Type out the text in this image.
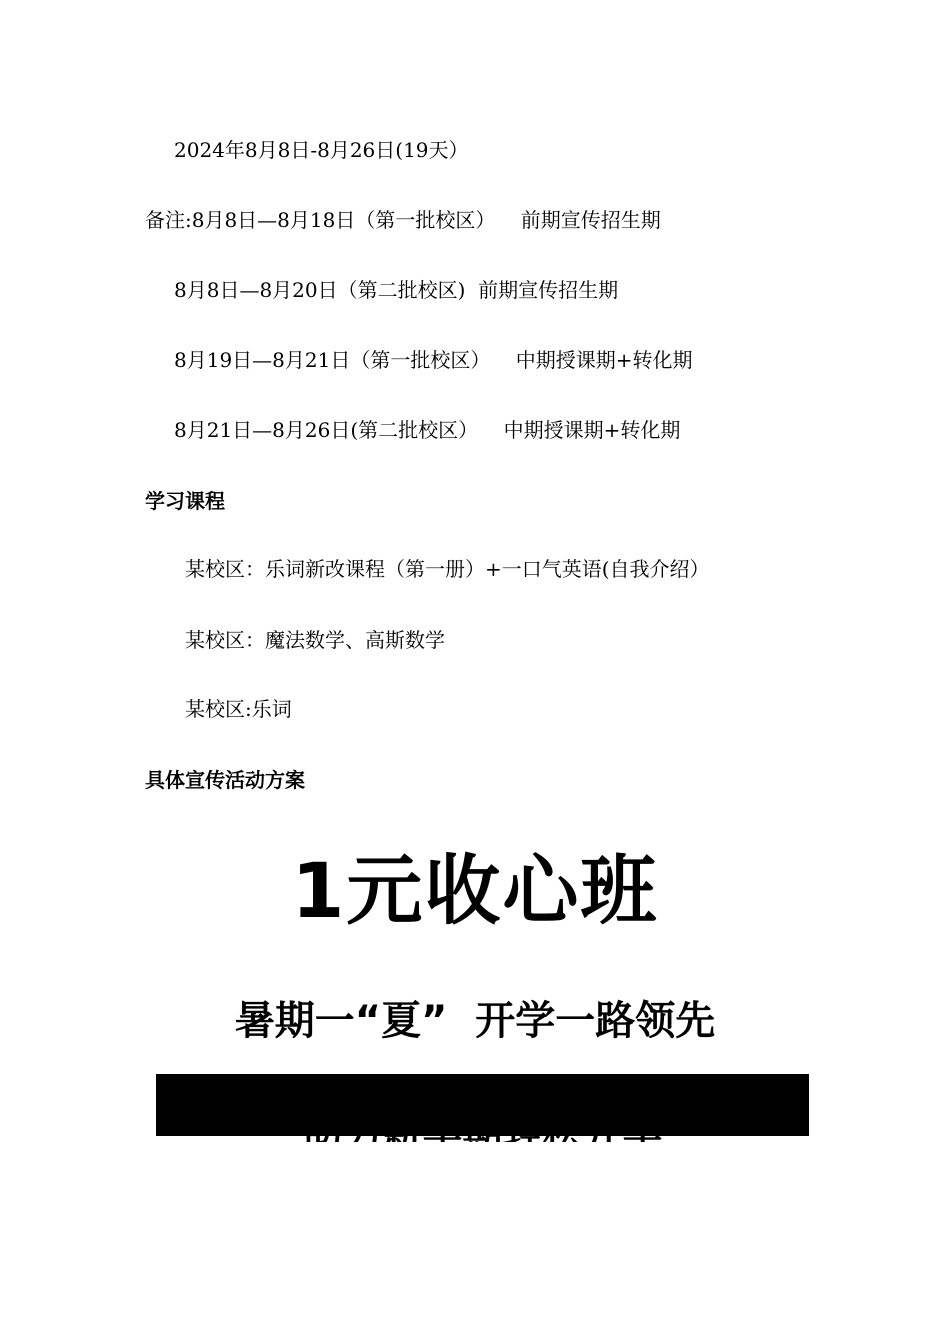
2024年8月8日-8月26日(19天）
备注:8月8日—8月18日（第一批校区）    前期宣传招生期
8月8日—8月20日（第二批校区)  前期宣传招生期
8月19日—8月21日（第一批校区）    中期授课期+转化期
8月21日—8月26日(第二批校区）    中期授课期+转化期
学习课程
某校区：乐词新改课程（第一册）+一口气英语(自我介绍）
某校区：魔法数学、高斯数学
某校区:乐词
具体宣传活动方案
1元收心班
暑期一“夏”  开学一路领先
